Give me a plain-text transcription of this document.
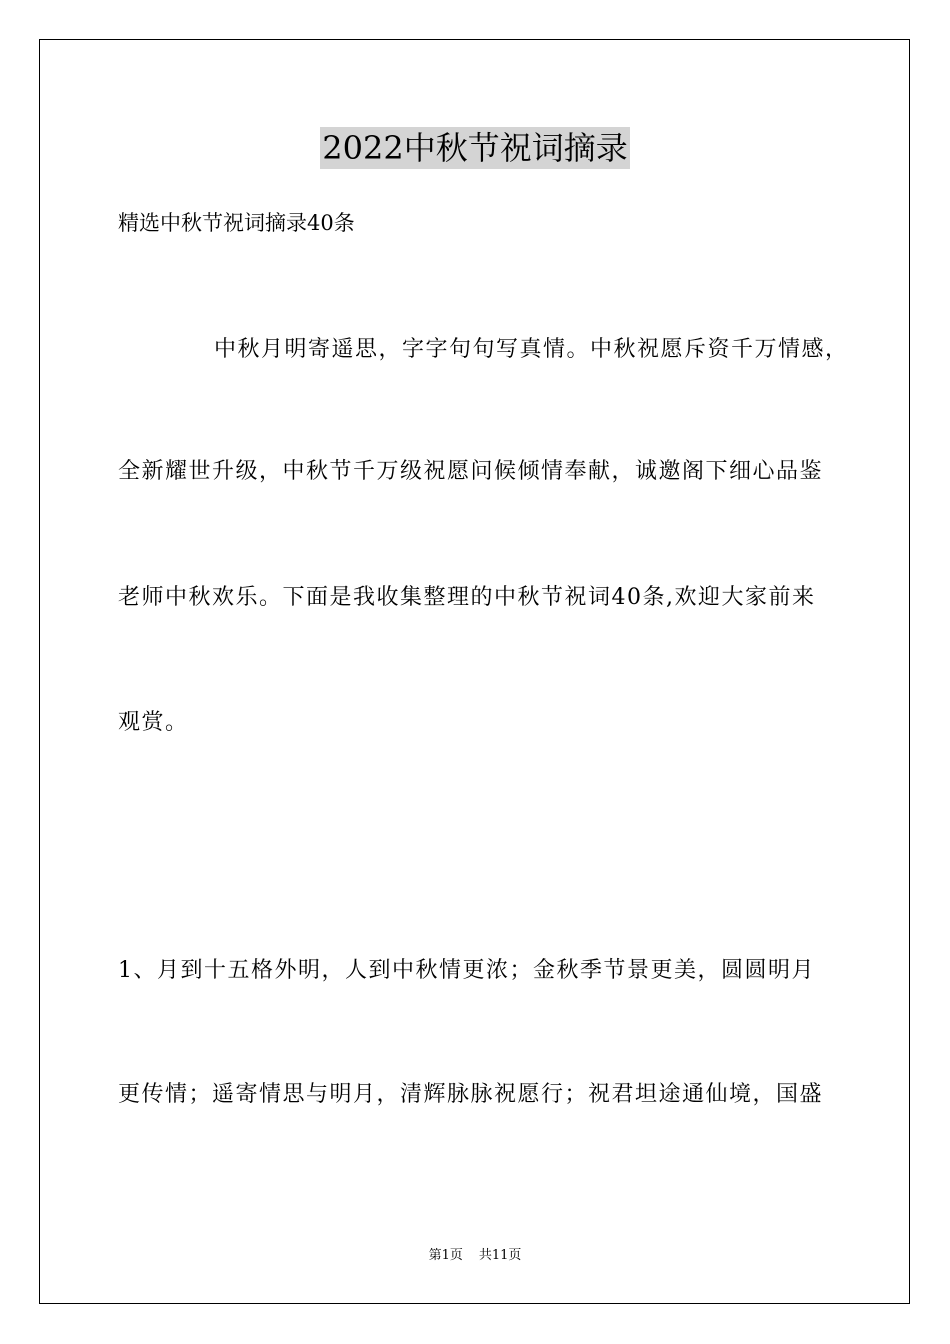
2022中秋节祝词摘录
精选中秋节祝词摘录40条
中秋月明寄遥思，字字句句写真情。中秋祝愿斥资千万情感，
全新耀世升级，中秋节千万级祝愿问候倾情奉献，诚邀阁下细心品鉴
老师中秋欢乐。下面是我收集整理的中秋节祝词40条,欢迎大家前来
观赏。
1、月到十五格外明，人到中秋情更浓；金秋季节景更美，圆圆明月
更传情；遥寄情思与明月，清辉脉脉祝愿行；祝君坦途通仙境，国盛
第1页 共11页
